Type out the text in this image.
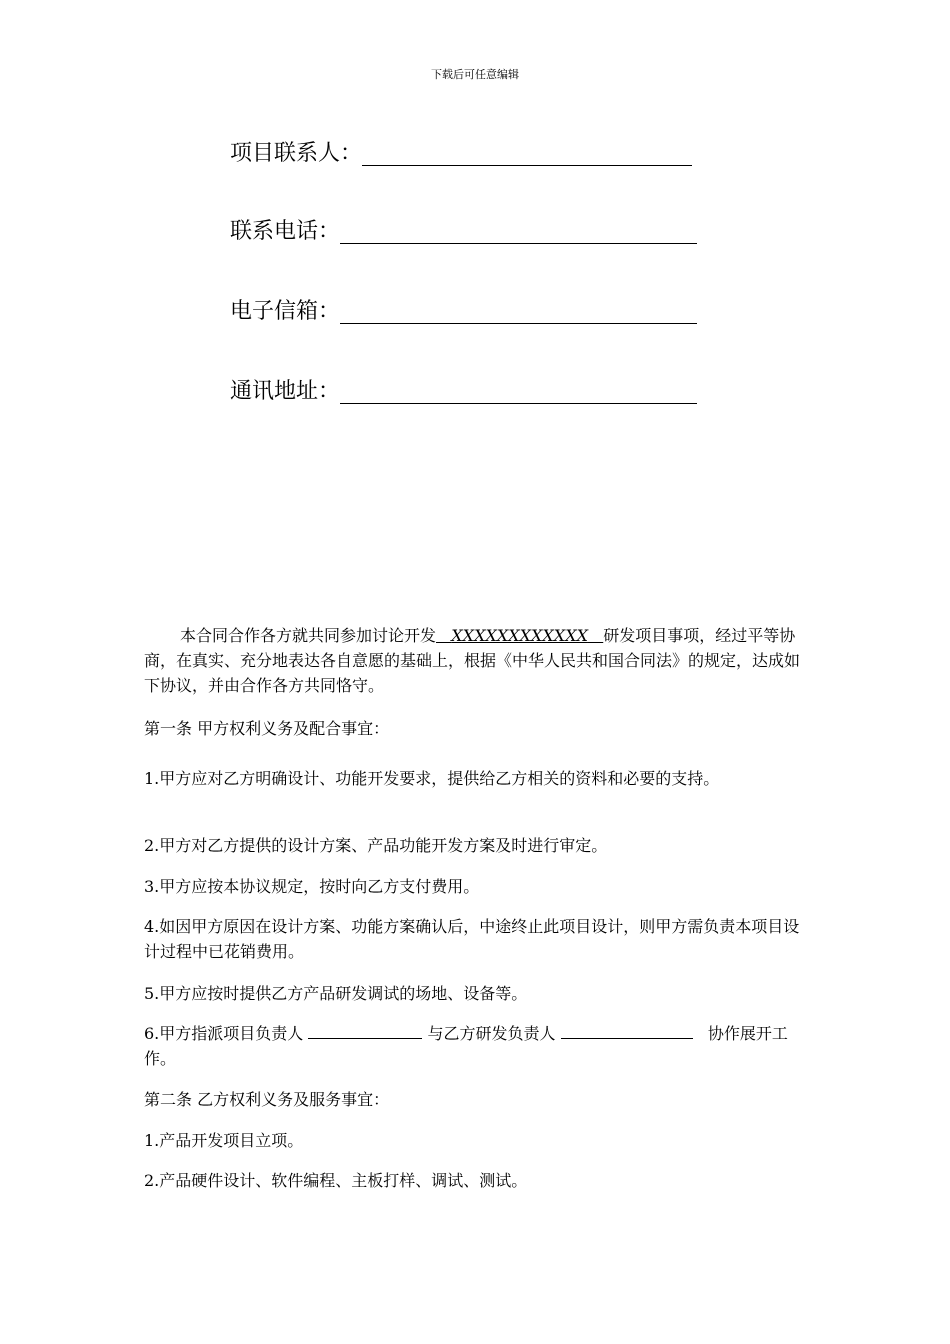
下载后可任意编辑
项目联系人：
联系电话：
电子信箱：
通讯地址：

本合同合作各方就共同参加讨论开发 XXXXXXXXXXXX 研发项目事项，经过平等协商，在真实、充分地表达各自意愿的基础上，根据《中华人民共和国合同法》的规定，达成如下协议，并由合作各方共同恪守。

第一条 甲方权利义务及配合事宜：
1.甲方应对乙方明确设计、功能开发要求，提供给乙方相关的资料和必要的支持。
2.甲方对乙方提供的设计方案、产品功能开发方案及时进行审定。
3.甲方应按本协议规定，按时向乙方支付费用。
4.如因甲方原因在设计方案、功能方案确认后，中途终止此项目设计，则甲方需负责本项目设计过程中已花销费用。
5.甲方应按时提供乙方产品研发调试的场地、设备等。

6.甲方指派项目负责人	与乙方研发负责人	协作展开工作。

第二条 乙方权利义务及服务事宜：
1.产品开发项目立项。
2.产品硬件设计、软件编程、主板打样、调试、测试。
